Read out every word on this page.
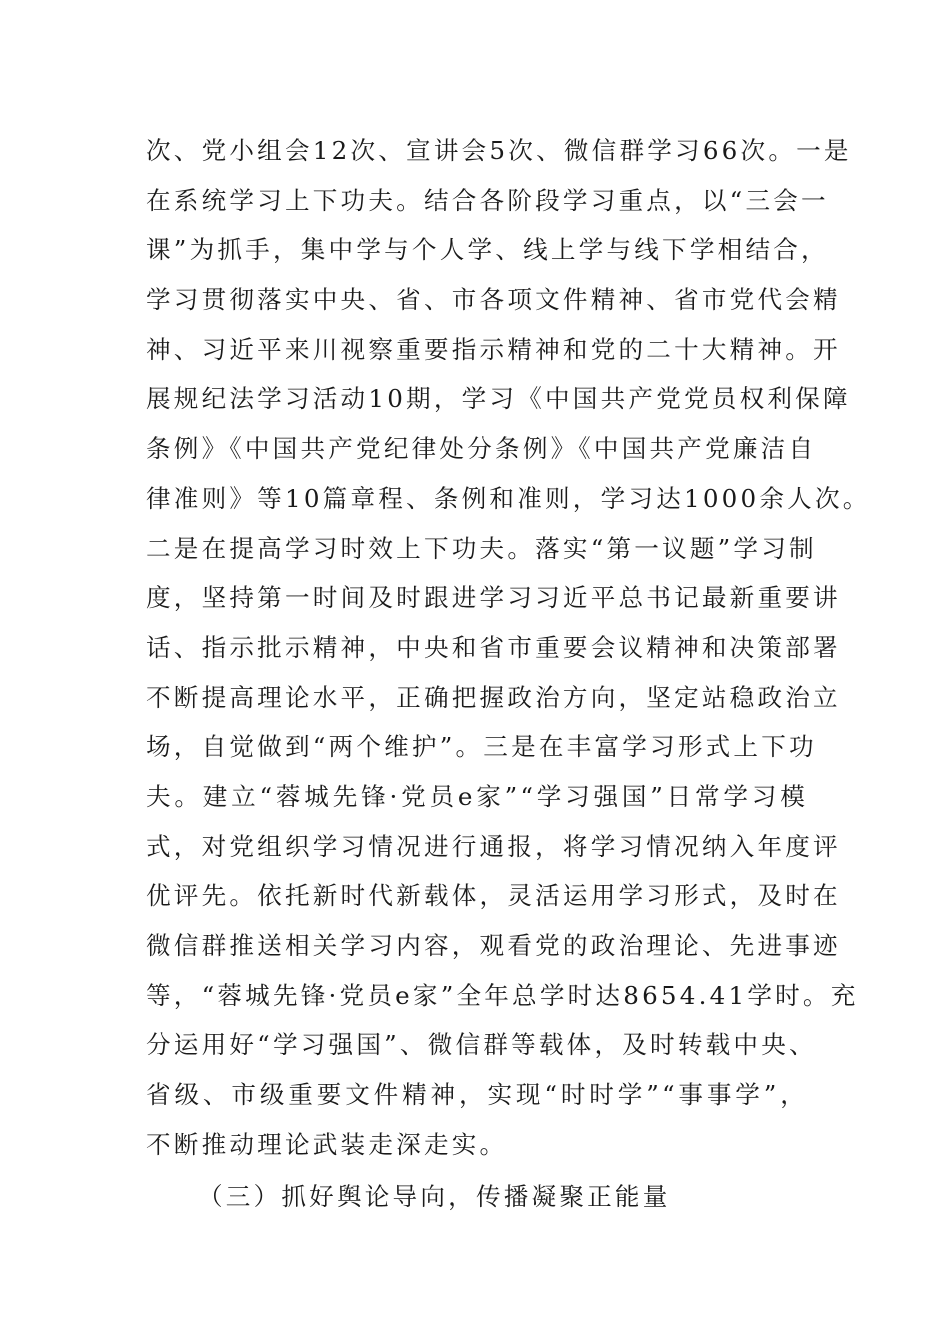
次、党小组会12次、宣讲会5次、微信群学习66次。一是
在系统学习上下功夫。结合各阶段学习重点，以“三会一
课”为抓手，集中学与个人学、线上学与线下学相结合，
学习贯彻落实中央、省、市各项文件精神、省市党代会精
神、习近平来川视察重要指示精神和党的二十大精神。开
展规纪法学习活动10期，学习《中国共产党党员权利保障
条例》《中国共产党纪律处分条例》《中国共产党廉洁自
律准则》等10篇章程、条例和准则，学习达1000余人次。
二是在提高学习时效上下功夫。落实“第一议题”学习制
度，坚持第一时间及时跟进学习习近平总书记最新重要讲
话、指示批示精神，中央和省市重要会议精神和决策部署
不断提高理论水平，正确把握政治方向，坚定站稳政治立
场，自觉做到“两个维护”。三是在丰富学习形式上下功
夫。建立“蓉城先锋·党员e家”“学习强国”日常学习模
式，对党组织学习情况进行通报，将学习情况纳入年度评
优评先。依托新时代新载体，灵活运用学习形式，及时在
微信群推送相关学习内容，观看党的政治理论、先进事迹
等，“蓉城先锋·党员e家”全年总学时达8654.41学时。充
分运用好“学习强国”、微信群等载体，及时转载中央、
省级、市级重要文件精神，实现“时时学”“事事学”，
不断推动理论武装走深走实。
（三）抓好舆论导向，传播凝聚正能量
